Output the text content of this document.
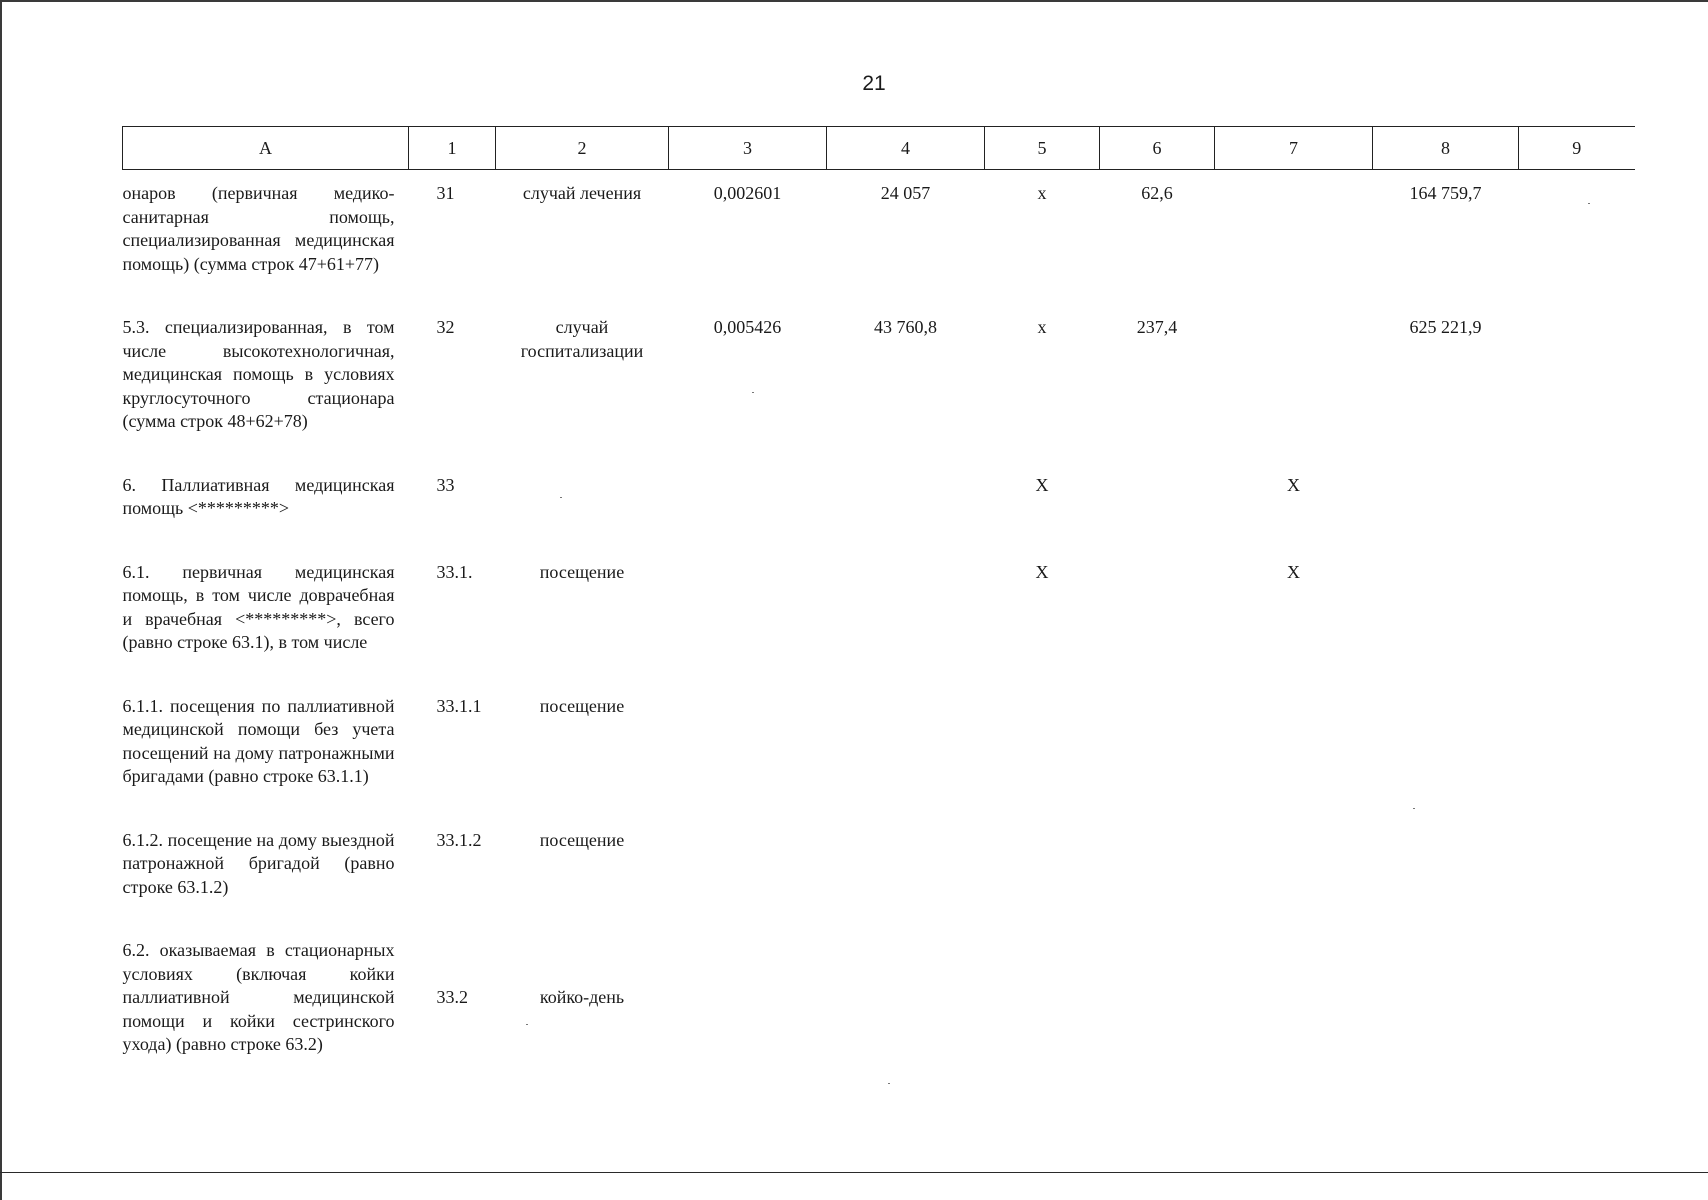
21
А	1	2	3	4	5	6	7	8	9
онаров (первичная медико-санитарная помощь, специализированная медицинская помощь) (сумма строк 47+61+77)	31	случай лечения	0,002601	24 057	х	62,6		164 759,7	

5.3. специализированная, в том числе высокотехнологичная, медицинская помощь в условиях круглосуточного стационара (сумма строк 48+62+78)	32	случай госпитализации	0,005426	43 760,8	х	237,4		625 221,9	

6. Паллиативная медицинская помощь <*********>	33				Х		Х		

6.1. первичная медицинская помощь, в том числе доврачебная и врачебная <*********>, всего (равно строке 63.1), в том числе	33.1.	посещение			Х		Х		

6.1.1. посещения по паллиативной медицинской помощи без учета посещений на дому патронажными бригадами (равно строке 63.1.1)	33.1.1	посещение							

6.1.2. посещение на дому выездной патронажной бригадой (равно строке 63.1.2)	33.1.2	посещение							

6.2. оказываемая в стационарных условиях (включая койки паллиативной медицинской помощи и койки сестринского ухода) (равно строке 63.2)	33.2	койко-день							
